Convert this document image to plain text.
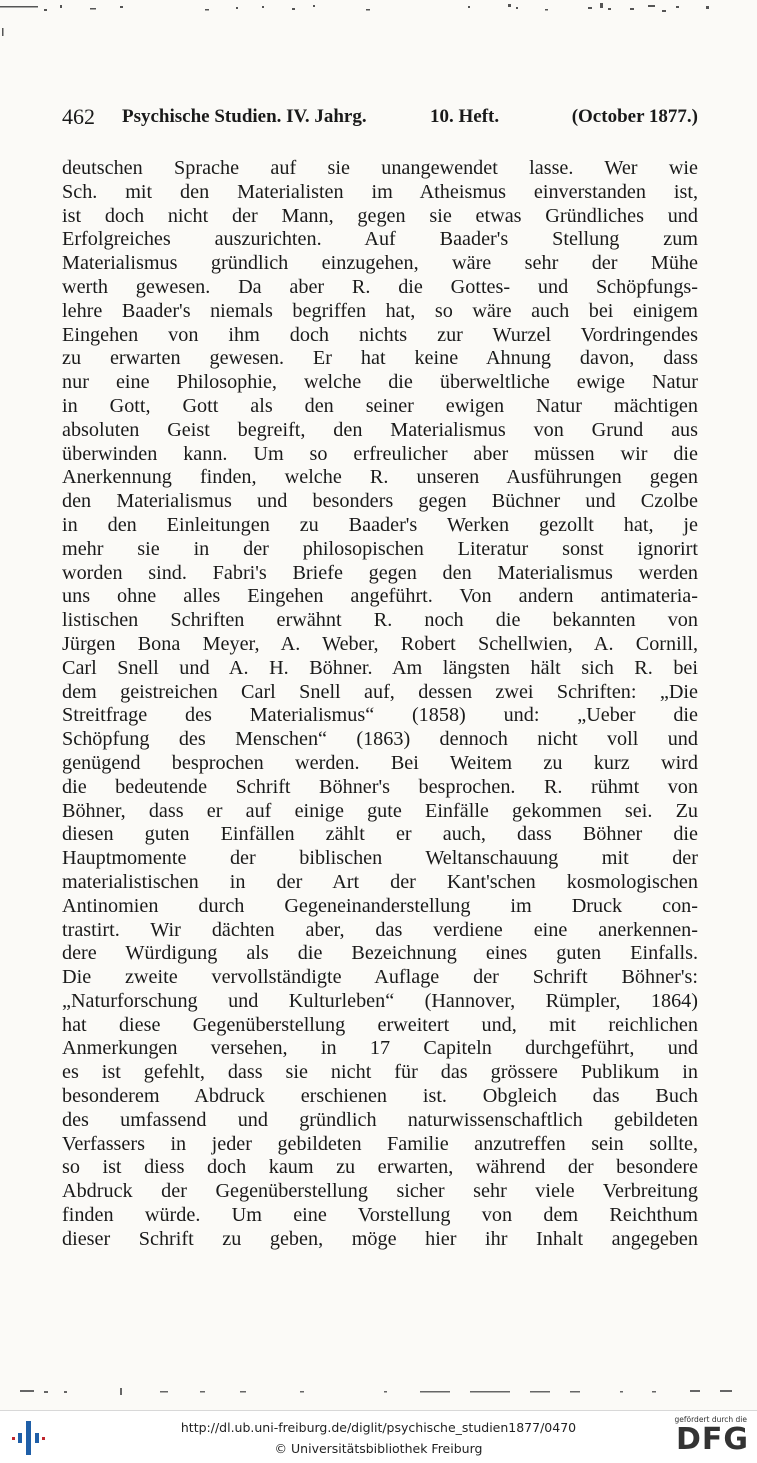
462 Psychische Studien. IV. Jahrg.	10. Heft.	(October 1877.)
deutschen Sprache auf sie unangewendet lasse. Wer wie
Sch. mit den Materialisten im Atheismus einverstanden ist,
ist doch nicht der Mann, gegen sie etwas Gründliches und
Erfolgreiches auszurichten. Auf Baader's Stellung zum
Materialismus gründlich einzugehen, wäre sehr der Mühe
werth gewesen. Da aber R. die Gottes- und Schöpfungs-
lehre Baader's niemals begriffen hat, so wäre auch bei einigem
Eingehen von ihm doch nichts zur Wurzel Vordringendes
zu erwarten gewesen. Er hat keine Ahnung davon, dass
nur eine Philosophie, welche die überweltliche ewige Natur
in Gott, Gott als den seiner ewigen Natur mächtigen
absoluten Geist begreift, den Materialismus von Grund aus
überwinden kann. Um so erfreulicher aber müssen wir die
Anerkennung finden, welche R. unseren Ausführungen gegen
den Materialismus und besonders gegen Büchner und Czolbe
in den Einleitungen zu Baader's Werken gezollt hat, je
mehr sie in der philosopischen Literatur sonst ignorirt
worden sind. Fabri's Briefe gegen den Materialismus werden
uns ohne alles Eingehen angeführt. Von andern antimateria-
listischen Schriften erwähnt R. noch die bekannten von
Jürgen Bona Meyer, A. Weber, Robert Schellwien, A. Cornill,
Carl Snell und A. H. Böhner. Am längsten hält sich R. bei
dem geistreichen Carl Snell auf, dessen zwei Schriften: „Die
Streitfrage des Materialismus“ (1858) und: „Ueber die
Schöpfung des Menschen“ (1863) dennoch nicht voll und
genügend besprochen werden. Bei Weitem zu kurz wird
die bedeutende Schrift Böhner's besprochen. R. rühmt von
Böhner, dass er auf einige gute Einfälle gekommen sei. Zu
diesen guten Einfällen zählt er auch, dass Böhner die
Hauptmomente der biblischen Weltanschauung mit der
materialistischen in der Art der Kant'schen kosmologischen
Antinomien durch Gegeneinanderstellung im Druck con-
trastirt. Wir dächten aber, das verdiene eine anerkennen-
dere Würdigung als die Bezeichnung eines guten Einfalls.
Die zweite vervollständigte Auflage der Schrift Böhner's:
„Naturforschung und Kulturleben“ (Hannover, Rümpler, 1864)
hat diese Gegenüberstellung erweitert und, mit reichlichen
Anmerkungen versehen, in 17 Capiteln durchgeführt, und
es ist gefehlt, dass sie nicht für das grössere Publikum in
besonderem Abdruck erschienen ist. Obgleich das Buch
des umfassend und gründlich naturwissenschaftlich gebildeten
Verfassers in jeder gebildeten Familie anzutreffen sein sollte,
so ist diess doch kaum zu erwarten, während der besondere
Abdruck der Gegenüberstellung sicher sehr viele Verbreitung
finden würde. Um eine Vorstellung von dem Reichthum
dieser Schrift zu geben, möge hier ihr Inhalt angegeben
http://dl.ub.uni-freiburg.de/diglit/psychische_studien1877/0470
© Universitätsbibliothek Freiburg
gefördert durch die
DFG
